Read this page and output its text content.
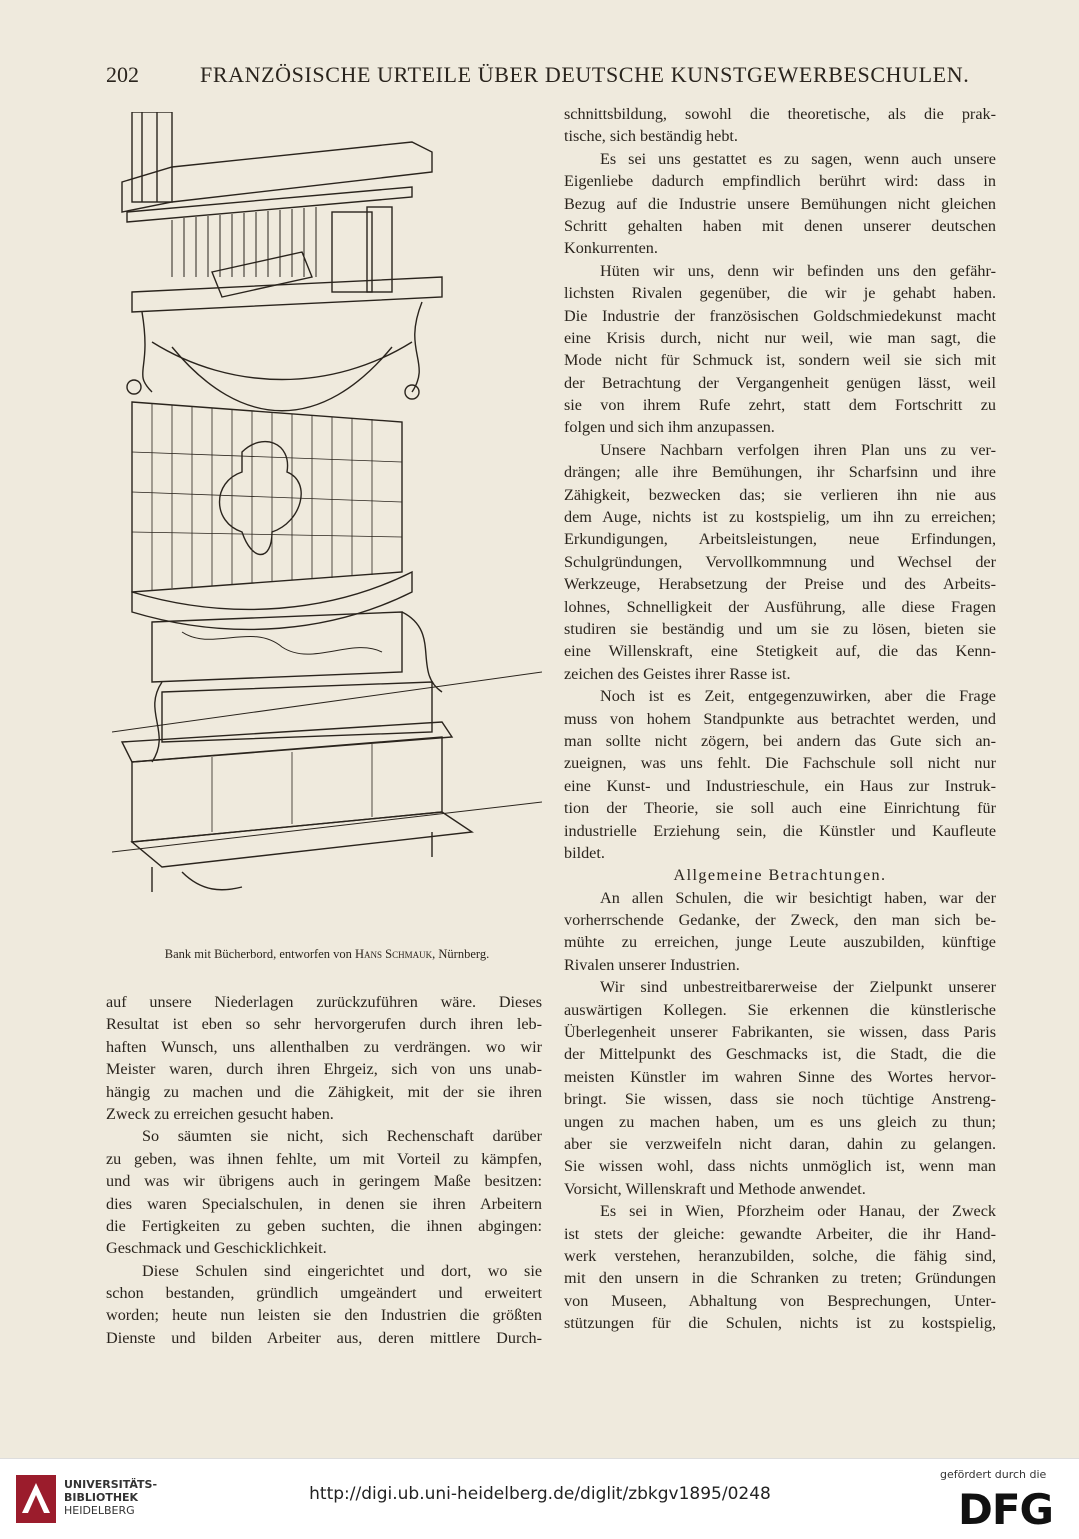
202	FRANZÖSISCHE URTEILE ÜBER DEUTSCHE KUNSTGEWERBESCHULEN.
Bank mit Bücherbord, entworfen von Hans Schmauk, Nürnberg.
auf unsere Niederlagen zurückzuführen wäre. Dieses
Resultat ist eben so sehr hervorgerufen durch ihren leb-
haften Wunsch, uns allenthalben zu verdrängen. wo wir
Meister waren, durch ihren Ehrgeiz, sich von uns unab-
hängig zu machen und die Zähigkeit, mit der sie ihren
Zweck zu erreichen gesucht haben.
So säumten sie nicht, sich Rechenschaft darüber
zu geben, was ihnen fehlte, um mit Vorteil zu kämpfen,
und was wir übrigens auch in geringem Maße besitzen:
dies waren Specialschulen, in denen sie ihren Arbeitern
die Fertigkeiten zu geben suchten, die ihnen abgingen:
Geschmack und Geschicklichkeit.
Diese Schulen sind eingerichtet und dort, wo sie
schon bestanden, gründlich umgeändert und erweitert
worden; heute nun leisten sie den Industrien die größten
Dienste und bilden Arbeiter aus, deren mittlere Durch-
schnittsbildung, sowohl die theoretische, als die prak-
tische, sich beständig hebt.
Es sei uns gestattet es zu sagen, wenn auch unsere
Eigenliebe dadurch empfindlich berührt wird: dass in
Bezug auf die Industrie unsere Bemühungen nicht gleichen
Schritt gehalten haben mit denen unserer deutschen
Konkurrenten.
Hüten wir uns, denn wir befinden uns den gefähr-
lichsten Rivalen gegenüber, die wir je gehabt haben.
Die Industrie der französischen Goldschmiedekunst macht
eine Krisis durch, nicht nur weil, wie man sagt, die
Mode nicht für Schmuck ist, sondern weil sie sich mit
der Betrachtung der Vergangenheit genügen lässt, weil
sie von ihrem Rufe zehrt, statt dem Fortschritt zu
folgen und sich ihm anzupassen.
Unsere Nachbarn verfolgen ihren Plan uns zu ver-
drängen; alle ihre Bemühungen, ihr Scharfsinn und ihre
Zähigkeit, bezwecken das; sie verlieren ihn nie aus
dem Auge, nichts ist zu kostspielig, um ihn zu erreichen;
Erkundigungen, Arbeitsleistungen, neue Erfindungen,
Schulgründungen, Vervollkommnung und Wechsel der
Werkzeuge, Herabsetzung der Preise und des Arbeits-
lohnes, Schnelligkeit der Ausführung, alle diese Fragen
studiren sie beständig und um sie zu lösen, bieten sie
eine Willenskraft, eine Stetigkeit auf, die das Kenn-
zeichen des Geistes ihrer Rasse ist.
Noch ist es Zeit, entgegenzuwirken, aber die Frage
muss von hohem Standpunkte aus betrachtet werden, und
man sollte nicht zögern, bei andern das Gute sich an-
zueignen, was uns fehlt. Die Fachschule soll nicht nur
eine Kunst- und Industrieschule, ein Haus zur Instruk-
tion der Theorie, sie soll auch eine Einrichtung für
industrielle Erziehung sein, die Künstler und Kaufleute
bildet.
Allgemeine Betrachtungen.
An allen Schulen, die wir besichtigt haben, war der
vorherrschende Gedanke, der Zweck, den man sich be-
mühte zu erreichen, junge Leute auszubilden, künftige
Rivalen unserer Industrien.
Wir sind unbestreitbarerweise der Zielpunkt unserer
auswärtigen Kollegen. Sie erkennen die künstlerische
Überlegenheit unserer Fabrikanten, sie wissen, dass Paris
der Mittelpunkt des Geschmacks ist, die Stadt, die die
meisten Künstler im wahren Sinne des Wortes hervor-
bringt. Sie wissen, dass sie noch tüchtige Anstreng-
ungen zu machen haben, um es uns gleich zu thun;
aber sie verzweifeln nicht daran, dahin zu gelangen.
Sie wissen wohl, dass nichts unmöglich ist, wenn man
Vorsicht, Willenskraft und Methode anwendet.
Es sei in Wien, Pforzheim oder Hanau, der Zweck
ist stets der gleiche: gewandte Arbeiter, die ihr Hand-
werk verstehen, heranzubilden, solche, die fähig sind,
mit den unsern in die Schranken zu treten; Gründungen
von Museen, Abhaltung von Besprechungen, Unter-
stützungen für die Schulen, nichts ist zu kostspielig,
UNIVERSITÄTS-
BIBLIOTHEK
HEIDELBERG
http://digi.ub.uni-heidelberg.de/diglit/zbkgv1895/0248
gefördert durch die
DFG
